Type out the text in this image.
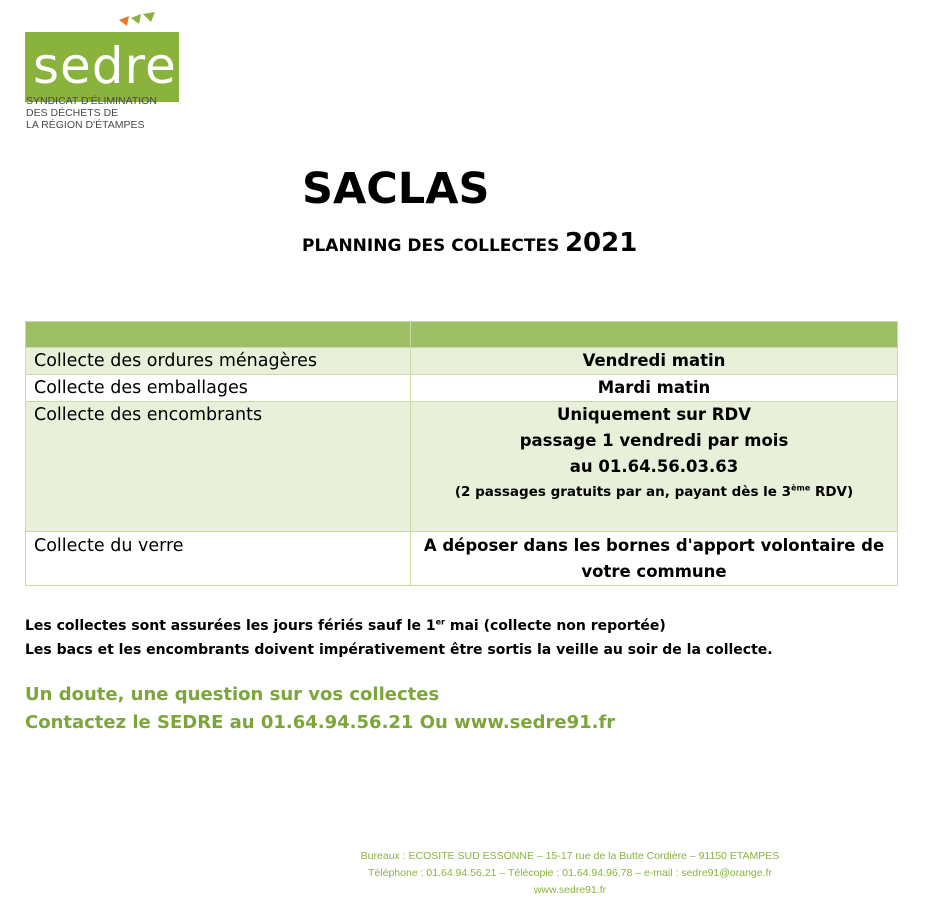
sedre
SYNDICAT D'ÉLIMINATION
DES DÉCHETS DE
LA RÉGION D'ÉTAMPES
SACLAS
PLANNING DES COLLECTES 2021

Collecte des ordures ménagères	Vendredi matin
Collecte des emballages	Mardi matin
Collecte des encombrants	Uniquement sur RDV
passage 1 vendredi par mois
au 01.64.56.03.63
(2 passages gratuits par an, payant dès le 3ème RDV)

Collecte du verre	A déposer dans les bornes d'apport volontaire de
votre commune
Les collectes sont assurées les jours fériés sauf le 1er mai (collecte non reportée)
Les bacs et les encombrants doivent impérativement être sortis la veille au soir de la collecte.
Un doute, une question sur vos collectes
Contactez le SEDRE au 01.64.94.56.21 Ou www.sedre91.fr
Bureaux : ECOSITE SUD ESSONNE – 15-17 rue de la Butte Cordière – 91150 ETAMPES
Téléphone : 01.64.94.56.21 – Télécopie : 01.64.94.96.78 – e-mail : sedre91@orange.fr
www.sedre91.fr
